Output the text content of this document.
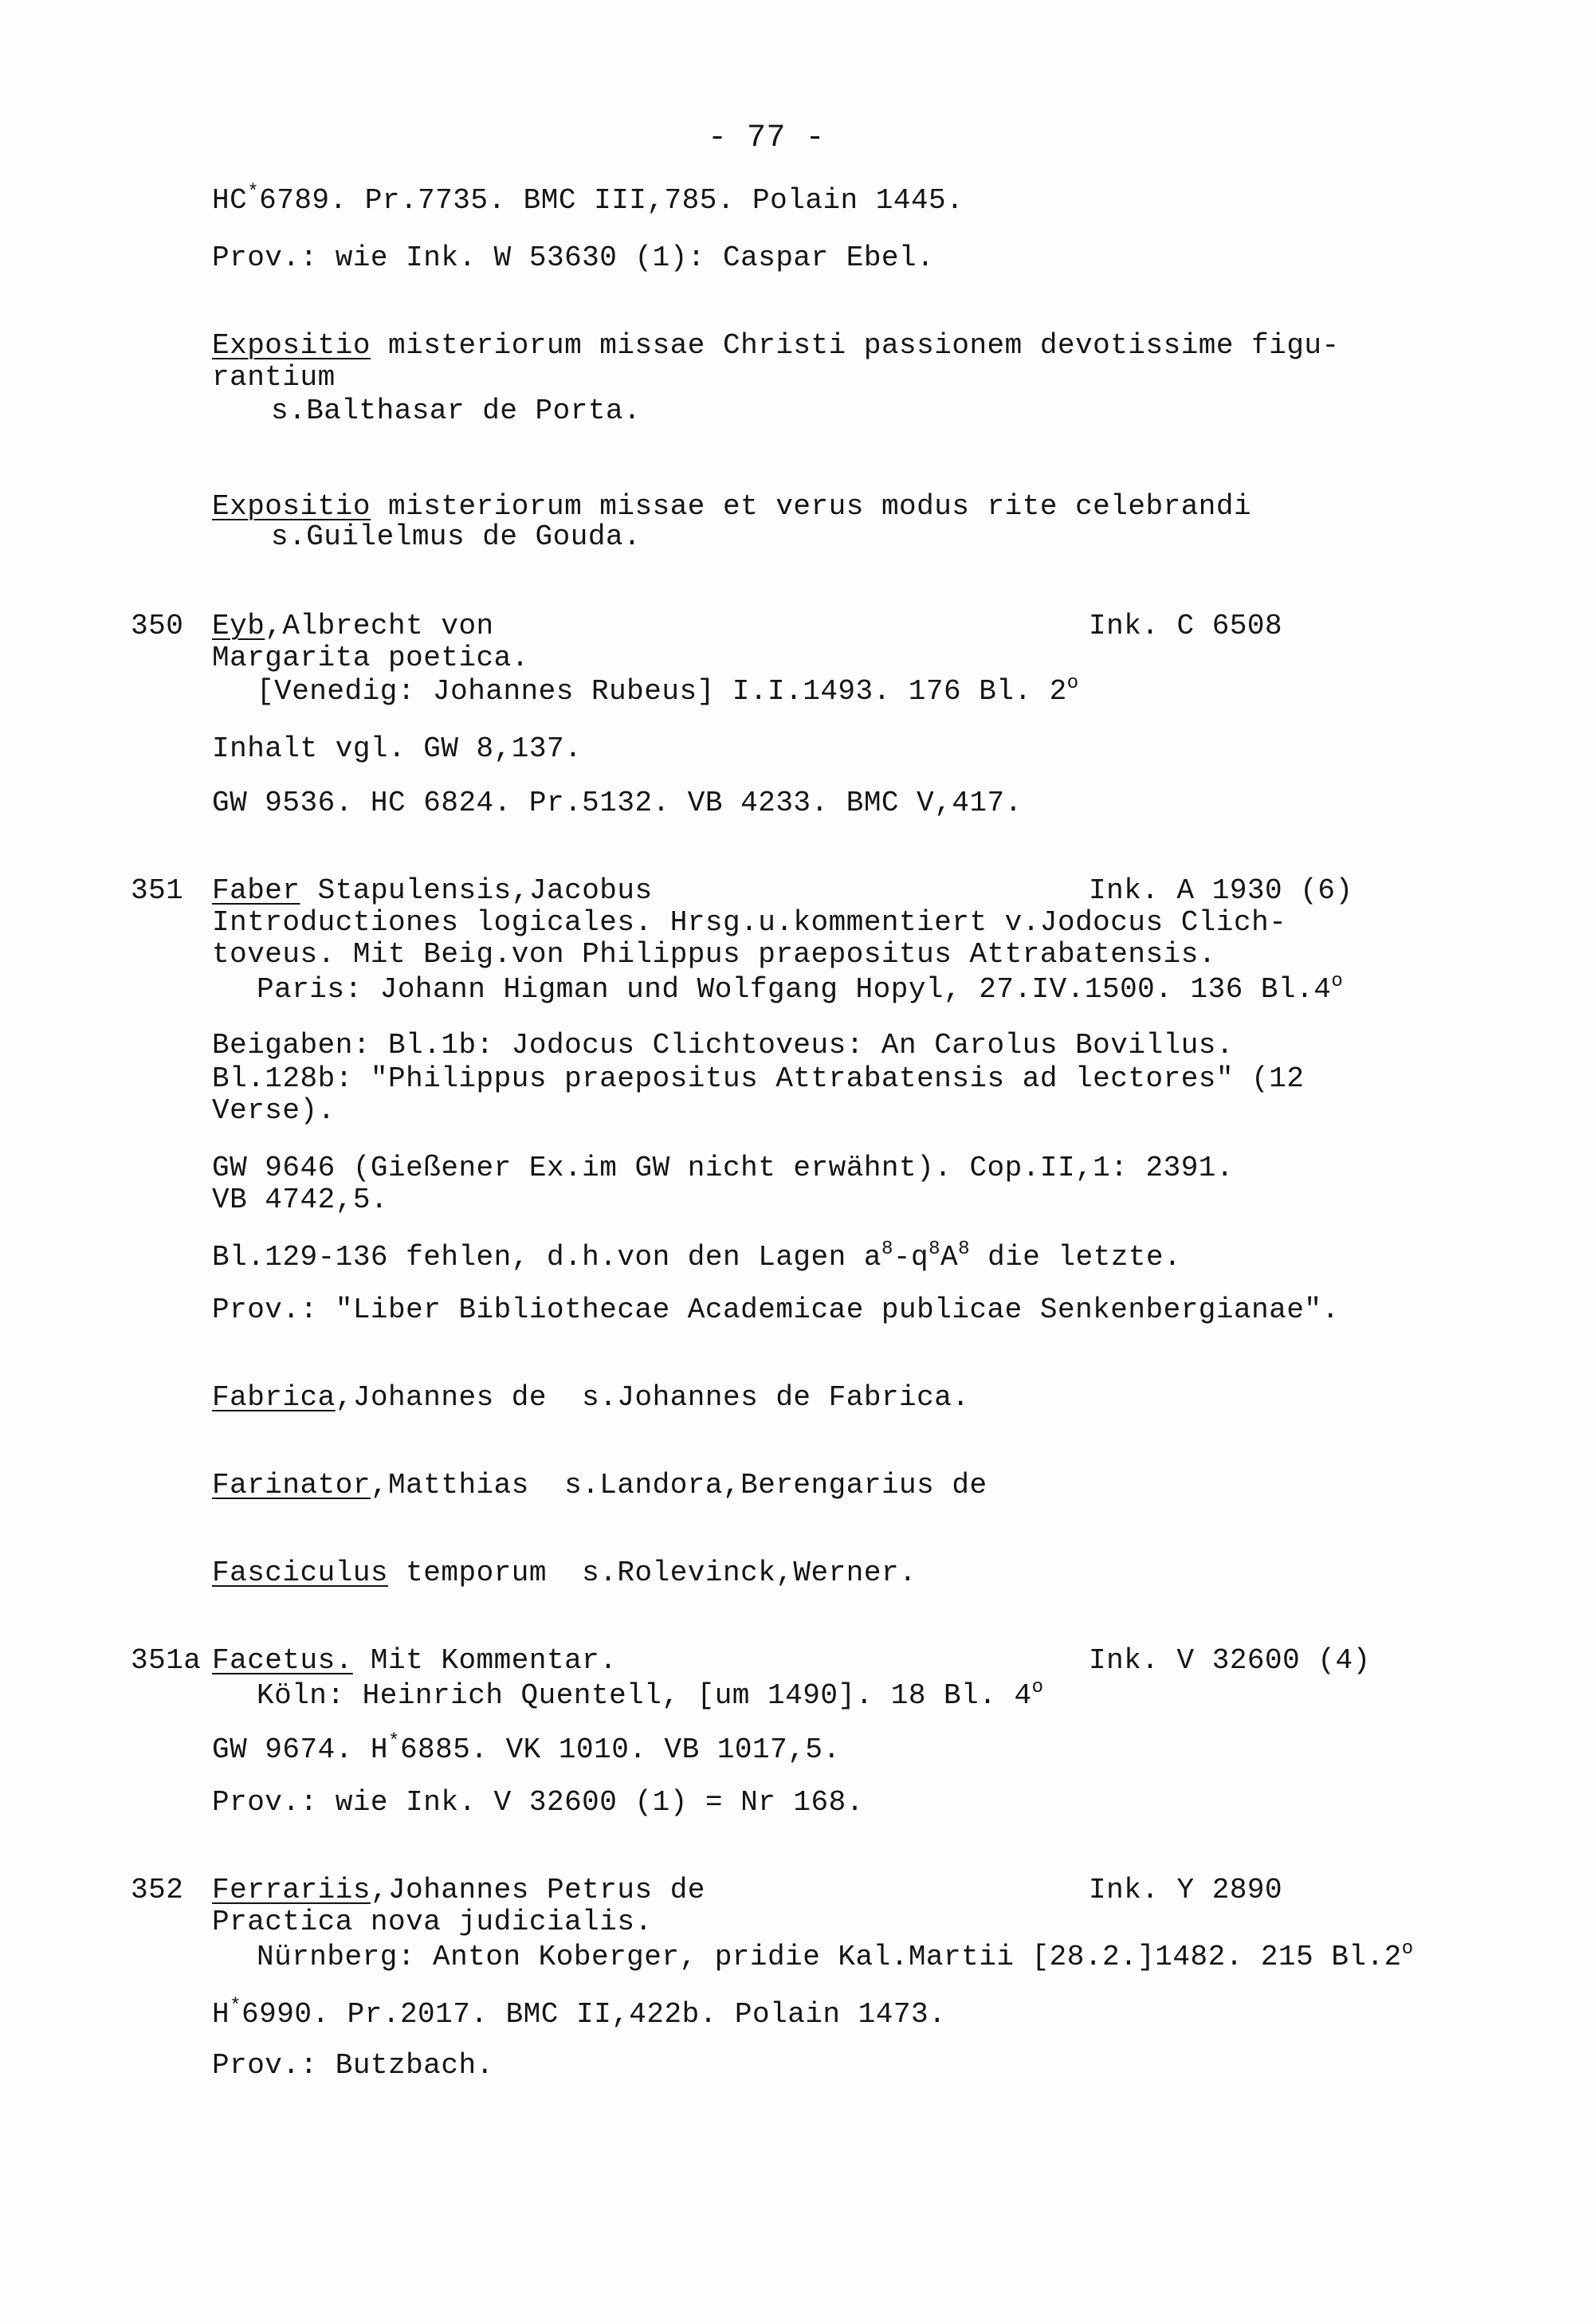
- 77 -
HC*6789. Pr.7735. BMC III,785. Polain 1445.
Prov.: wie Ink. W 53630 (1): Caspar Ebel.
Expositio misteriorum missae Christi passionem devotissime figu-
rantium
s.Balthasar de Porta.
Expositio misteriorum missae et verus modus rite celebrandi
s.Guilelmus de Gouda.
350 Eyb,Albrecht von	Ink. C 6508
Margarita poetica.
[Venedig: Johannes Rubeus] I.I.1493. 176 Bl. 2$^o$
Inhalt vgl. GW 8,137.
GW 9536. HC 6824. Pr.5132. VB 4233. BMC V,417.
351 Faber Stapulensis,Jacobus	Ink. A 1930 (6)
Introductiones logicales. Hrsg.u.kommentiert v.Jodocus Clich-
toveus. Mit Beig.von Philippus praepositus Attrabatensis.
Paris: Johann Higman und Wolfgang Hopyl, 27.IV.1500. 136 Bl.4$^o$
Beigaben: Bl.1b: Jodocus Clichtoveus: An Carolus Bovillus.
Bl.128b: "Philippus praepositus Attrabatensis ad lectores" (12
Verse).
GW 9646 (Gießener Ex.im GW nicht erwähnt). Cop.II,1: 2391.
VB 4742,5.
Bl.129-136 fehlen, d.h.von den Lagen $a^8-q^8A^8$ die letzte.
Prov.: "Liber Bibliothecae Academicae publicae Senkenbergianae".
Fabrica,Johannes de  s.Johannes de Fabrica.
Farinator,Matthias  s.Landora,Berengarius de
Fasciculus temporum  s.Rolevinck,Werner.
351a Facetus. Mit Kommentar.	Ink. V 32600 (4)
Köln: Heinrich Quentell, [um 1490]. 18 Bl. 4$^o$
GW 9674. H*6885. VK 1010. VB 1017,5.
Prov.: wie Ink. V 32600 (1) = Nr 168.
352 Ferrariis,Johannes Petrus de	Ink. Y 2890
Practica nova judicialis.
Nürnberg: Anton Koberger, pridie Kal.Martii [28.2.]1482. 215 Bl.2$^o$
H*6990. Pr.2017. BMC II,422b. Polain 1473.
Prov.: Butzbach.
